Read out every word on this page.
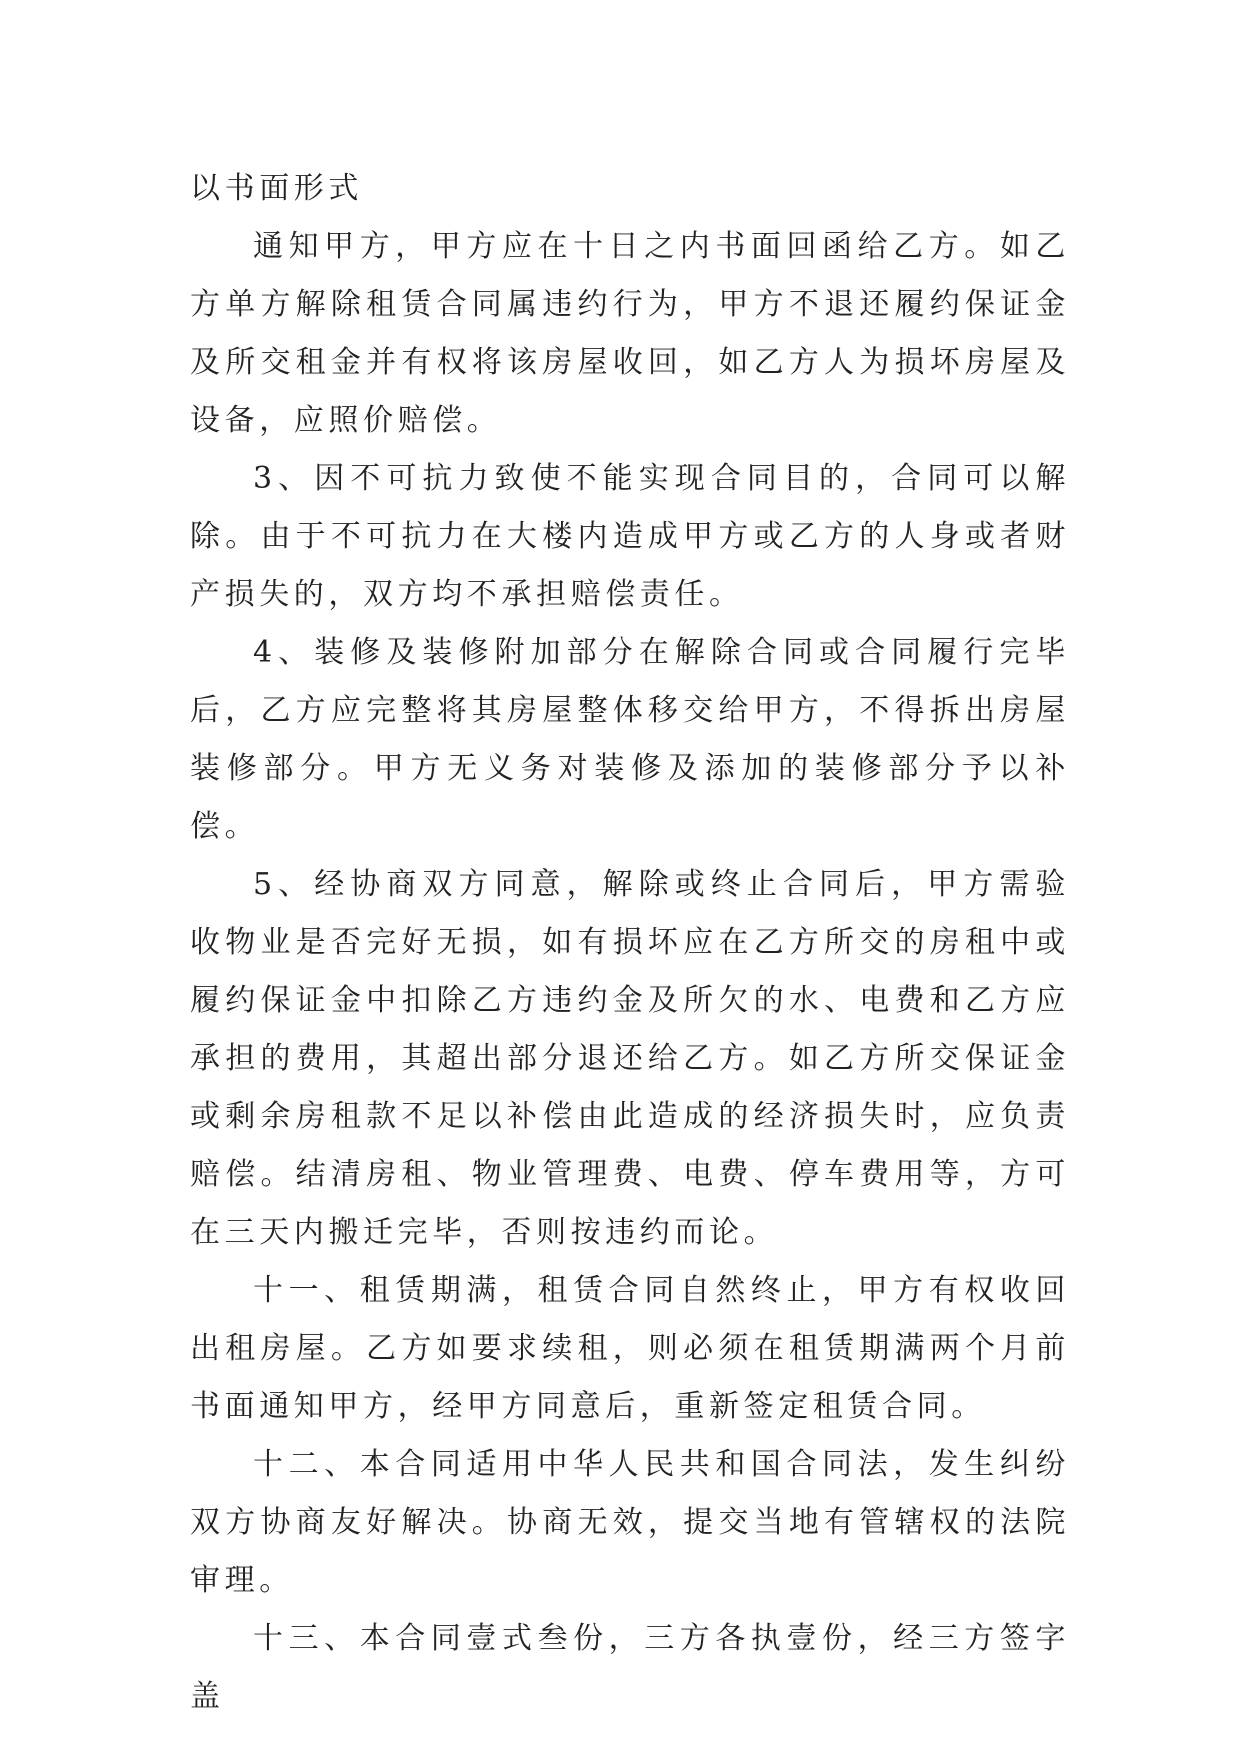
以书面形式

通知甲方，甲方应在十日之内书面回函给乙方。如乙方单方解除租赁合同属违约行为，甲方不退还履约保证金及所交租金并有权将该房屋收回，如乙方人为损坏房屋及设备，应照价赔偿。

3、因不可抗力致使不能实现合同目的，合同可以解除。由于不可抗力在大楼内造成甲方或乙方的人身或者财产损失的，双方均不承担赔偿责任。

4、装修及装修附加部分在解除合同或合同履行完毕后，乙方应完整将其房屋整体移交给甲方，不得拆出房屋装修部分。甲方无义务对装修及添加的装修部分予以补偿。

5、经协商双方同意，解除或终止合同后，甲方需验收物业是否完好无损，如有损坏应在乙方所交的房租中或履约保证金中扣除乙方违约金及所欠的水、电费和乙方应承担的费用，其超出部分退还给乙方。如乙方所交保证金或剩余房租款不足以补偿由此造成的经济损失时，应负责赔偿。结清房租、物业管理费、电费、停车费用等，方可在三天内搬迁完毕，否则按违约而论。

十一、租赁期满，租赁合同自然终止，甲方有权收回出租房屋。乙方如要求续租，则必须在租赁期满两个月前书面通知甲方，经甲方同意后，重新签定租赁合同。

十二、本合同适用中华人民共和国合同法，发生纠纷双方协商友好解决。协商无效，提交当地有管辖权的法院审理。

十三、本合同壹式叁份，三方各执壹份，经三方签字盖
